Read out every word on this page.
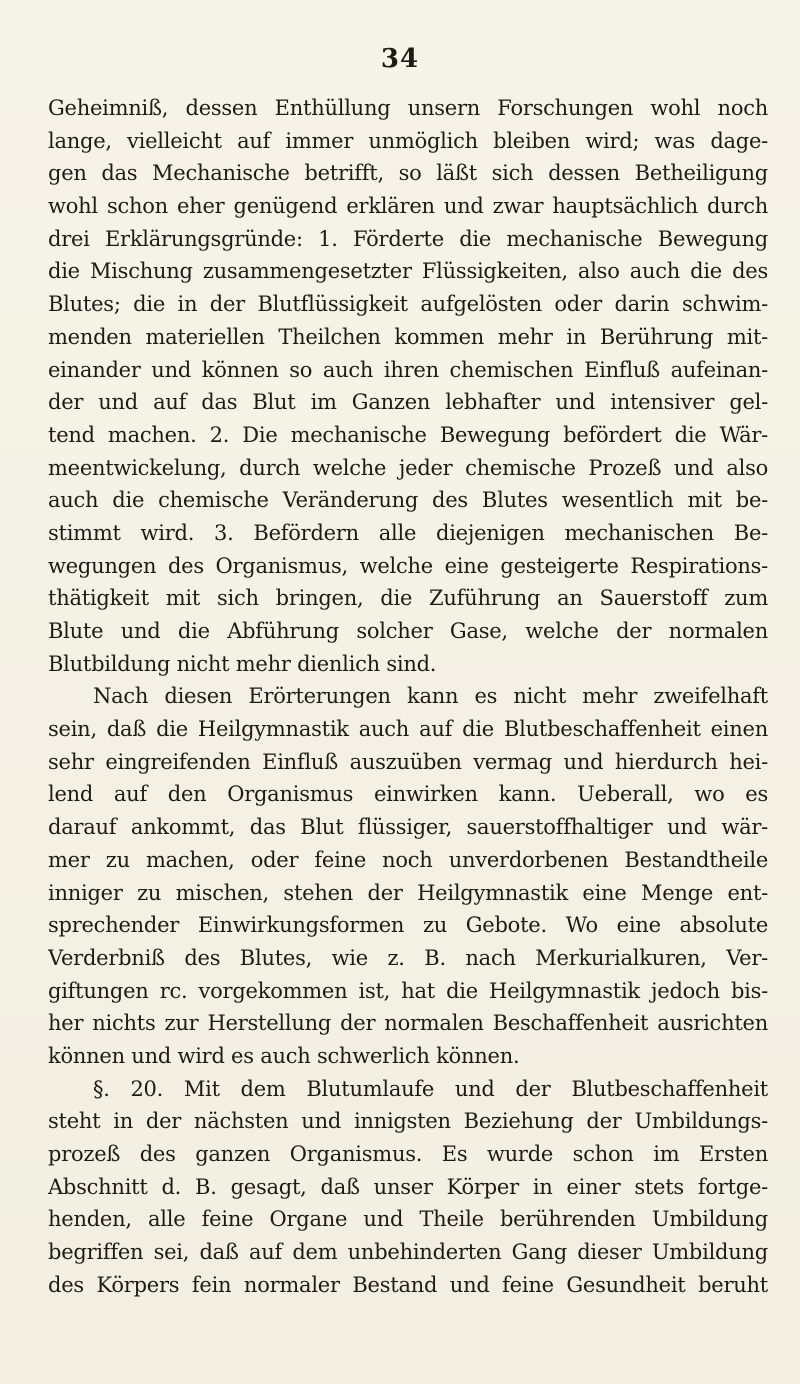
34
Geheimniß, dessen Enthüllung unsern Forschungen wohl noch
lange, vielleicht auf immer unmöglich bleiben wird; was dage-
gen das Mechanische betrifft, so läßt sich dessen Betheiligung
wohl schon eher genügend erklären und zwar hauptsächlich durch
drei Erklärungsgründe: 1. Förderte die mechanische Bewegung
die Mischung zusammengesetzter Flüssigkeiten, also auch die des
Blutes; die in der Blutflüssigkeit aufgelösten oder darin schwim-
menden materiellen Theilchen kommen mehr in Berührung mit-
einander und können so auch ihren chemischen Einfluß aufeinan-
der und auf das Blut im Ganzen lebhafter und intensiver gel-
tend machen. 2. Die mechanische Bewegung befördert die Wär-
meentwickelung, durch welche jeder chemische Prozeß und also
auch die chemische Veränderung des Blutes wesentlich mit be-
stimmt wird. 3. Befördern alle diejenigen mechanischen Be-
wegungen des Organismus, welche eine gesteigerte Respirations-
thätigkeit mit sich bringen, die Zuführung an Sauerstoff zum
Blute und die Abführung solcher Gase, welche der normalen
Blutbildung nicht mehr dienlich sind.
Nach diesen Erörterungen kann es nicht mehr zweifelhaft
sein, daß die Heilgymnastik auch auf die Blutbeschaffenheit einen
sehr eingreifenden Einfluß auszuüben vermag und hierdurch hei-
lend auf den Organismus einwirken kann. Ueberall, wo es
darauf ankommt, das Blut flüssiger, sauerstoffhaltiger und wär-
mer zu machen, oder feine noch unverdorbenen Bestandtheile
inniger zu mischen, stehen der Heilgymnastik eine Menge ent-
sprechender Einwirkungsformen zu Gebote. Wo eine absolute
Verderbniß des Blutes, wie z. B. nach Merkurialkuren, Ver-
giftungen rc. vorgekommen ist, hat die Heilgymnastik jedoch bis-
her nichts zur Herstellung der normalen Beschaffenheit ausrichten
können und wird es auch schwerlich können.
§. 20. Mit dem Blutumlaufe und der Blutbeschaffenheit
steht in der nächsten und innigsten Beziehung der Umbildungs-
prozeß des ganzen Organismus. Es wurde schon im Ersten
Abschnitt d. B. gesagt, daß unser Körper in einer stets fortge-
henden, alle feine Organe und Theile berührenden Umbildung
begriffen sei, daß auf dem unbehinderten Gang dieser Umbildung
des Körpers fein normaler Bestand und feine Gesundheit beruht
